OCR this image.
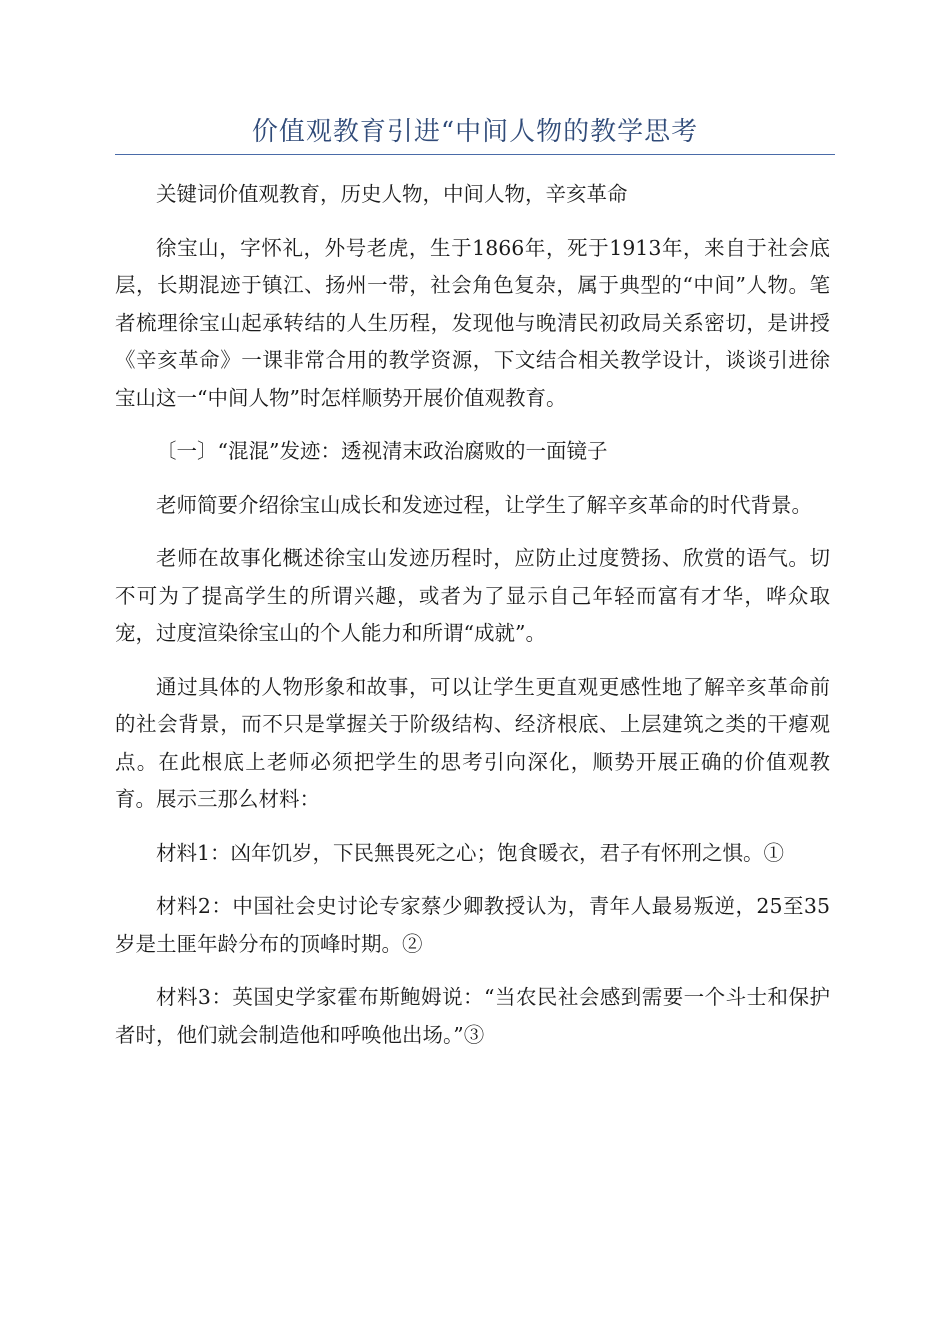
价值观教育引进“中间人物的教学思考

关键词价值观教育，历史人物，中间人物，辛亥革命

徐宝山，字怀礼，外号老虎，生于1866年，死于1913年，来自于社会底层，长期混迹于镇江、扬州一带，社会角色复杂，属于典型的“中间”人物。笔者梳理徐宝山起承转结的人生历程，发现他与晚清民初政局关系密切，是讲授《辛亥革命》一课非常合用的教学资源，下文结合相关教学设计，谈谈引进徐宝山这一“中间人物”时怎样顺势开展价值观教育。

〔一〕“混混”发迹：透视清末政治腐败的一面镜子

老师简要介绍徐宝山成长和发迹过程，让学生了解辛亥革命的时代背景。

老师在故事化概述徐宝山发迹历程时，应防止过度赞扬、欣赏的语气。切不可为了提高学生的所谓兴趣，或者为了显示自己年轻而富有才华，哗众取宠，过度渲染徐宝山的个人能力和所谓“成就”。

通过具体的人物形象和故事，可以让学生更直观更感性地了解辛亥革命前的社会背景，而不只是掌握关于阶级结构、经济根底、上层建筑之类的干瘪观点。在此根底上老师必须把学生的思考引向深化，顺势开展正确的价值观教育。展示三那么材料：

材料1：凶年饥岁，下民無畏死之心；饱食暖衣，君子有怀刑之惧。①

材料2：中国社会史讨论专家蔡少卿教授认为，青年人最易叛逆，25至35岁是土匪年龄分布的顶峰时期。②

材料3：英国史学家霍布斯鲍姆说：“当农民社会感到需要一个斗士和保护者时，他们就会制造他和呼唤他出场。”③
